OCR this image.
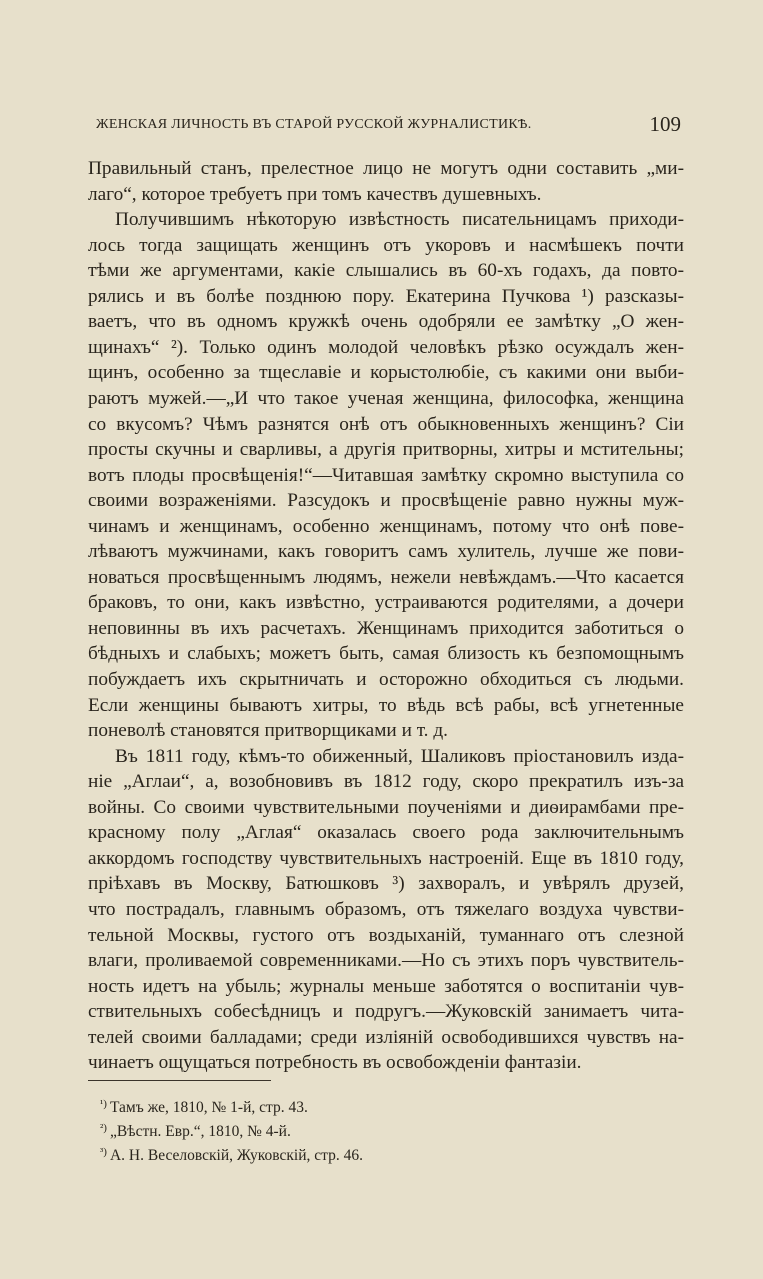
ЖЕНСКАЯ ЛИЧНОСТЬ ВЪ СТАРОЙ РУССКОЙ ЖУРНАЛИСТИКѢ.	109
Правильный станъ, прелестное лицо не могутъ одни составить „ми-
лаго“, которое требуетъ при томъ качествъ душевныхъ.
Получившимъ нѣкоторую извѣстность писательницамъ приходи-
лось тогда защищать женщинъ отъ укоровъ и насмѣшекъ почти
тѣми же аргументами, какіе слышались въ 60-хъ годахъ, да повто-
рялись и въ болѣе позднюю пору. Екатерина Пучкова ¹) разсказы-
ваетъ, что въ одномъ кружкѣ очень одобряли ее замѣтку „О жен-
щинахъ“ ²). Только одинъ молодой человѣкъ рѣзко осуждалъ жен-
щинъ, особенно за тщеславіе и корыстолюбіе, съ какими они выби-
раютъ мужей.—„И что такое ученая женщина, философка, женщина
со вкусомъ? Чѣмъ разнятся онѣ отъ обыкновенныхъ женщинъ? Сіи
просты скучны и сварливы, а другія притворны, хитры и мстительны;
вотъ плоды просвѣщенія!“—Читавшая замѣтку скромно выступила со
своими возраженіями. Разсудокъ и просвѣщеніе равно нужны муж-
чинамъ и женщинамъ, особенно женщинамъ, потому что онѣ пове-
лѣваютъ мужчинами, какъ говоритъ самъ хулитель, лучше же пови-
новаться просвѣщеннымъ людямъ, нежели невѣждамъ.—Что касается
браковъ, то они, какъ извѣстно, устраиваются родителями, а дочери
неповинны въ ихъ расчетахъ. Женщинамъ приходится заботиться о
бѣдныхъ и слабыхъ; можетъ быть, самая близость къ безпомощнымъ
побуждаетъ ихъ скрытничать и осторожно обходиться съ людьми.
Если женщины бываютъ хитры, то вѣдь всѣ рабы, всѣ угнетенные
поневолѣ становятся притворщиками и т. д.
Въ 1811 году, кѣмъ-то обиженный, Шаликовъ пріостановилъ изда-
ніе „Аглаи“, а, возобновивъ въ 1812 году, скоро прекратилъ изъ-за
войны. Со своими чувствительными поученіями и диѳирамбами пре-
красному полу „Аглая“ оказалась своего рода заключительнымъ
аккордомъ господству чувствительныхъ настроеній. Еще въ 1810 году,
пріѣхавъ въ Москву, Батюшковъ ³) захворалъ, и увѣрялъ друзей,
что пострадалъ, главнымъ образомъ, отъ тяжелаго воздуха чувстви-
тельной Москвы, густого отъ воздыханій, туманнаго отъ слезной
влаги, проливаемой современниками.—Но съ этихъ поръ чувствитель-
ность идетъ на убыль; журналы меньше заботятся о воспитаніи чув-
ствительныхъ собесѣдницъ и подругъ.—Жуковскій занимаетъ чита-
телей своими балладами; среди изліяній освободившихся чувствъ на-
чинаетъ ощущаться потребность въ освобожденіи фантазіи.
$^{^1)}$ Тамъ же, 1810, № 1-й, стр. 43.
$^{^2)}$ „Вѣстн. Евр.“, 1810, № 4-й.
$^{^3)}$ А. Н. Веселовскій, Жуковскій, стр. 46.
